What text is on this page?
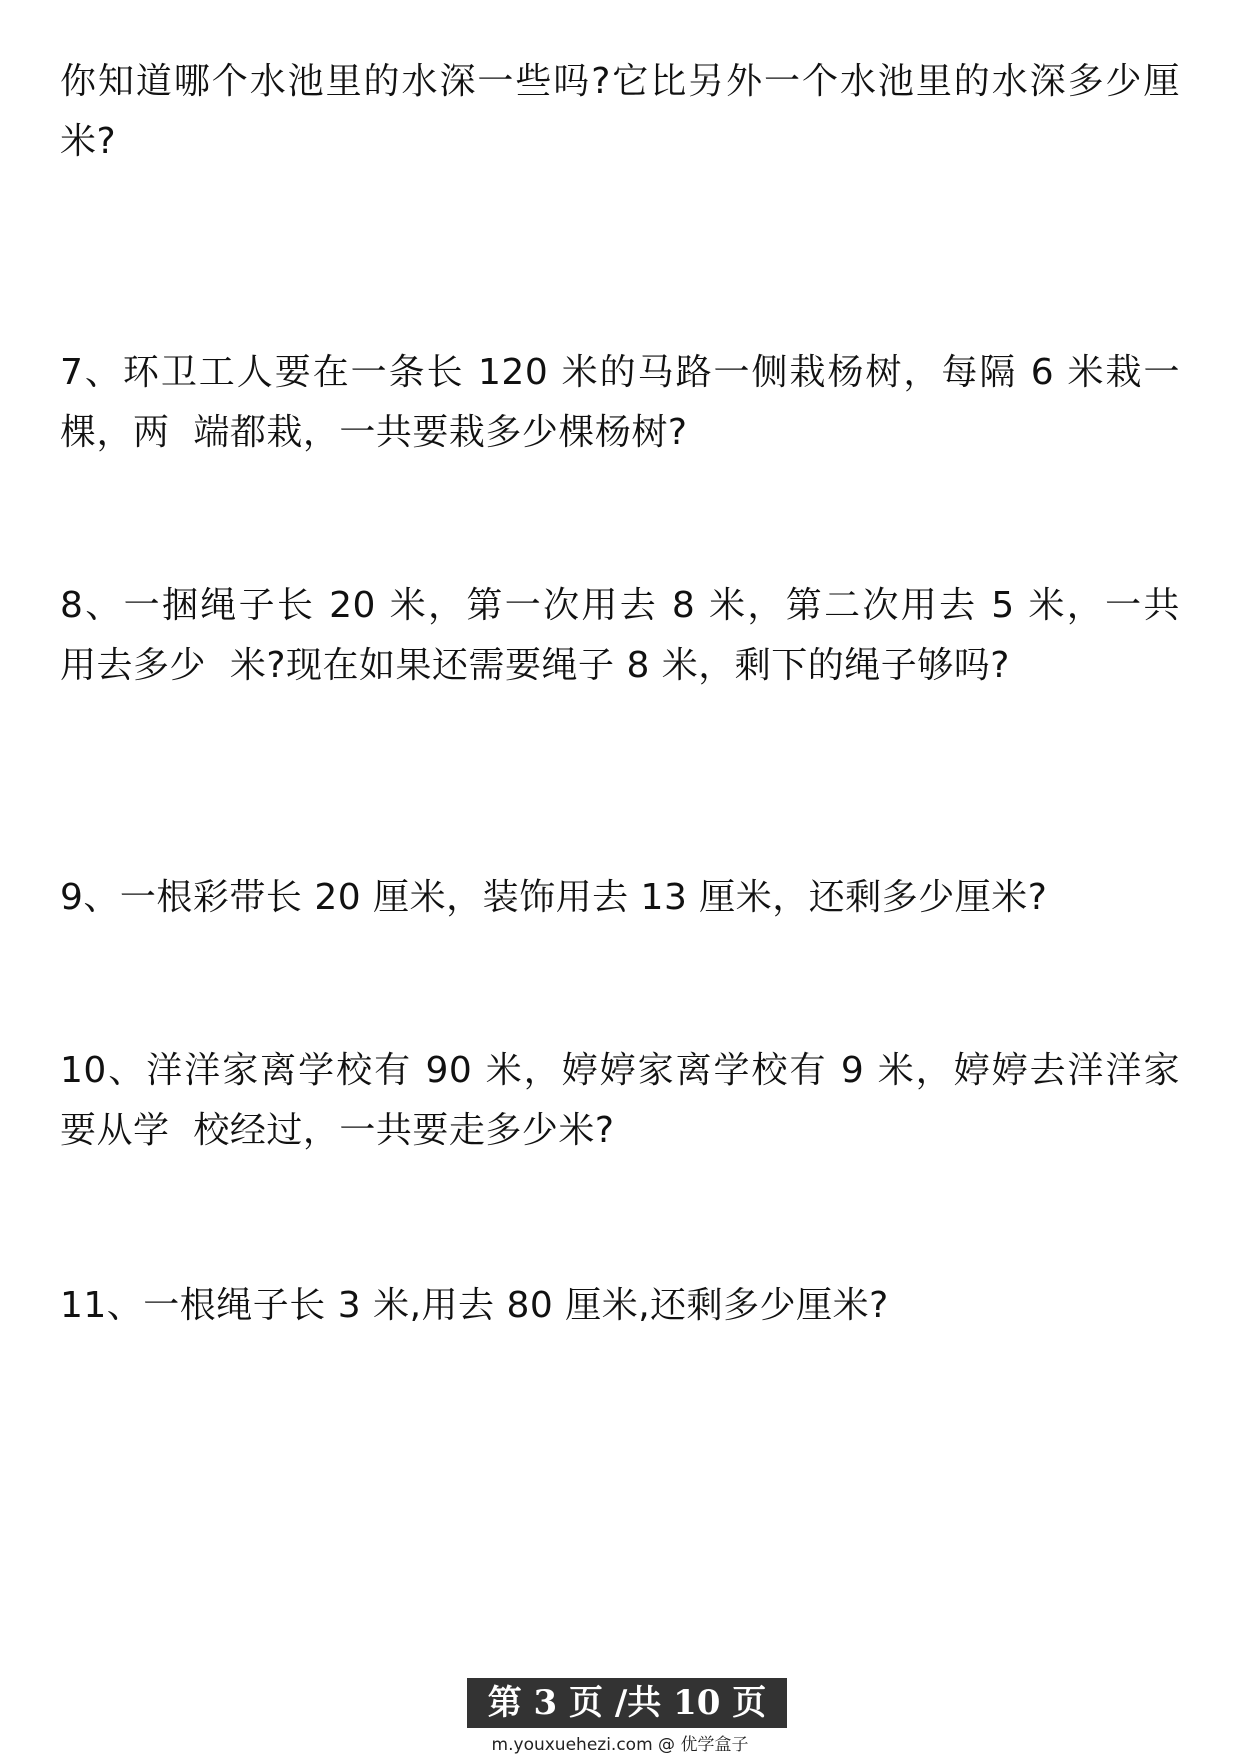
你知道哪个水池里的水深一些吗?它比另外一个水池里的水深多少厘
米?
7、环卫工人要在一条长 120 米的马路一侧栽杨树，每隔 6 米栽一
棵，两  端都栽，一共要栽多少棵杨树?
8、一捆绳子长 20 米，第一次用去 8 米，第二次用去 5 米，一共
用去多少  米?现在如果还需要绳子 8 米，剩下的绳子够吗?
9、一根彩带长 20 厘米，装饰用去 13 厘米，还剩多少厘米?
10、洋洋家离学校有 90 米，婷婷家离学校有 9 米，婷婷去洋洋家
要从学  校经过，一共要走多少米?
11、一根绳子长 3 米,用去 80 厘米,还剩多少厘米?
第 3 页 /共 10 页
m.youxuehezi.com @ 优学盒子
